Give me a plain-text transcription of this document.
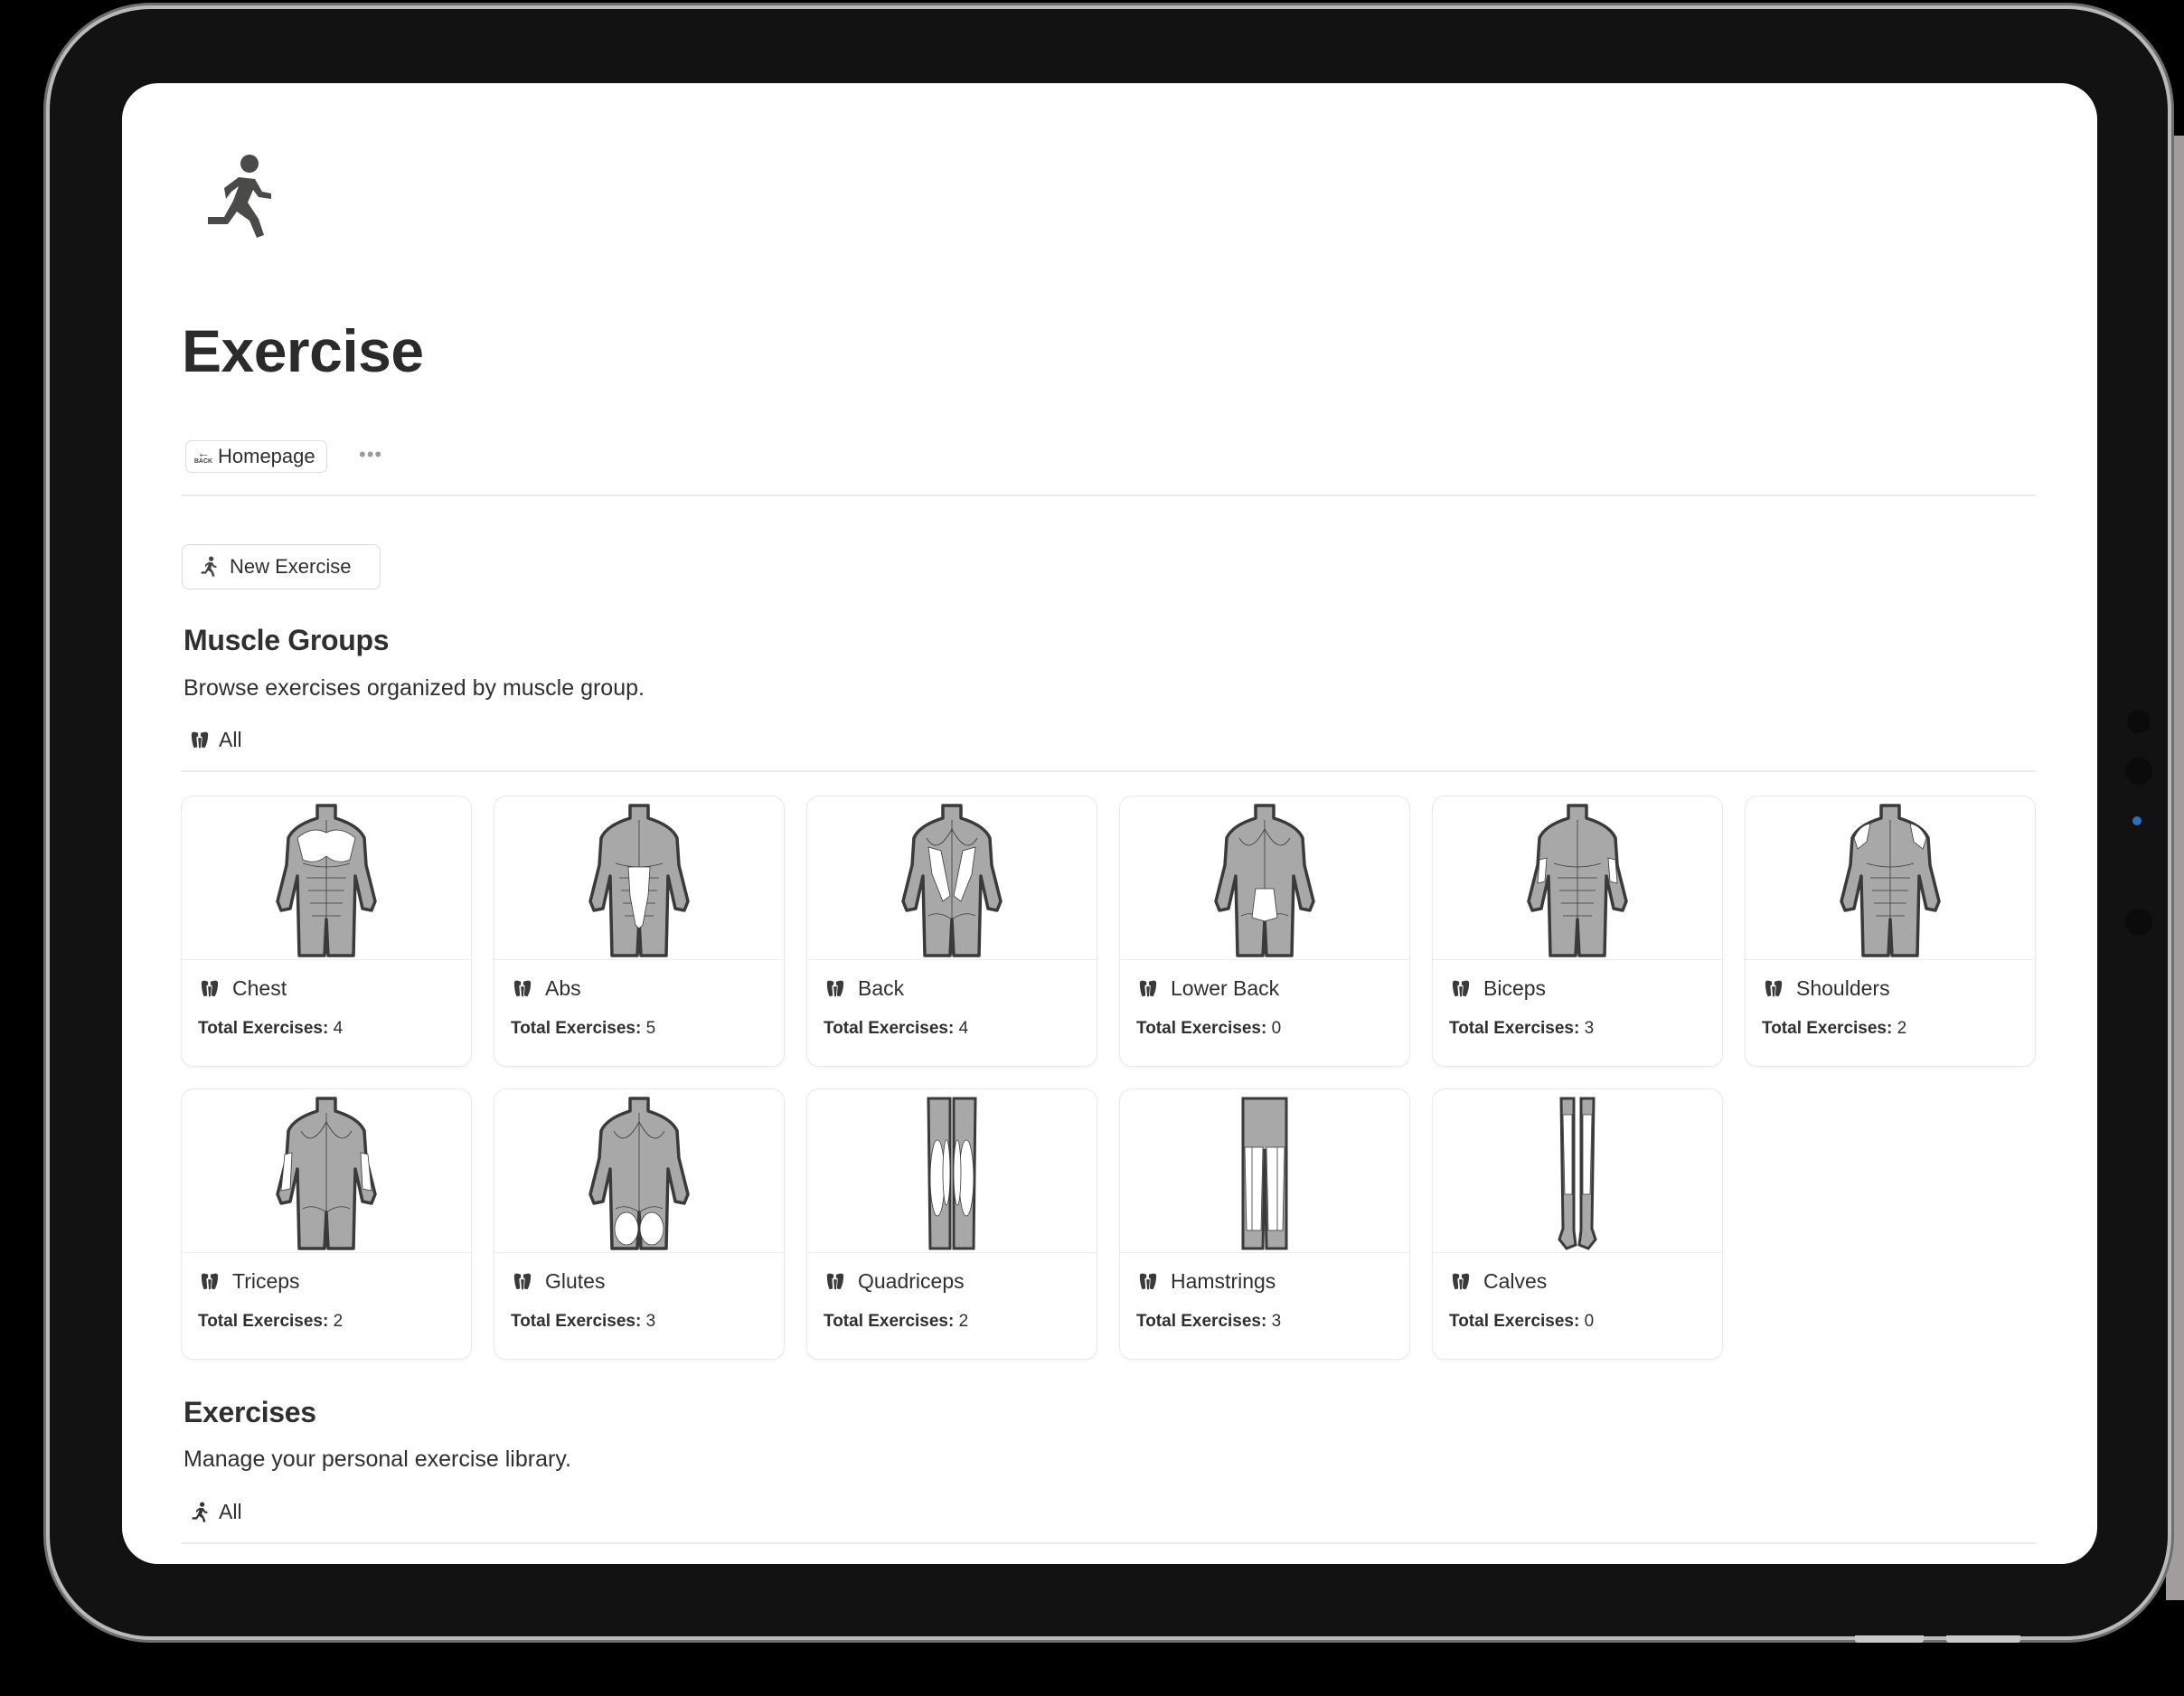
Exercise
←
BACK Homepage •••
New Exercise
Muscle Groups
Browse exercises organized by muscle group.
All
Chest
Total Exercises: 4
Abs
Total Exercises: 5
Back
Total Exercises: 4
Lower Back
Total Exercises: 0
Biceps
Total Exercises: 3
Shoulders
Total Exercises: 2
Triceps
Total Exercises: 2
Glutes
Total Exercises: 3
Quadriceps
Total Exercises: 2
Hamstrings
Total Exercises: 3
Calves
Total Exercises: 0
Exercises
Manage your personal exercise library.
All
